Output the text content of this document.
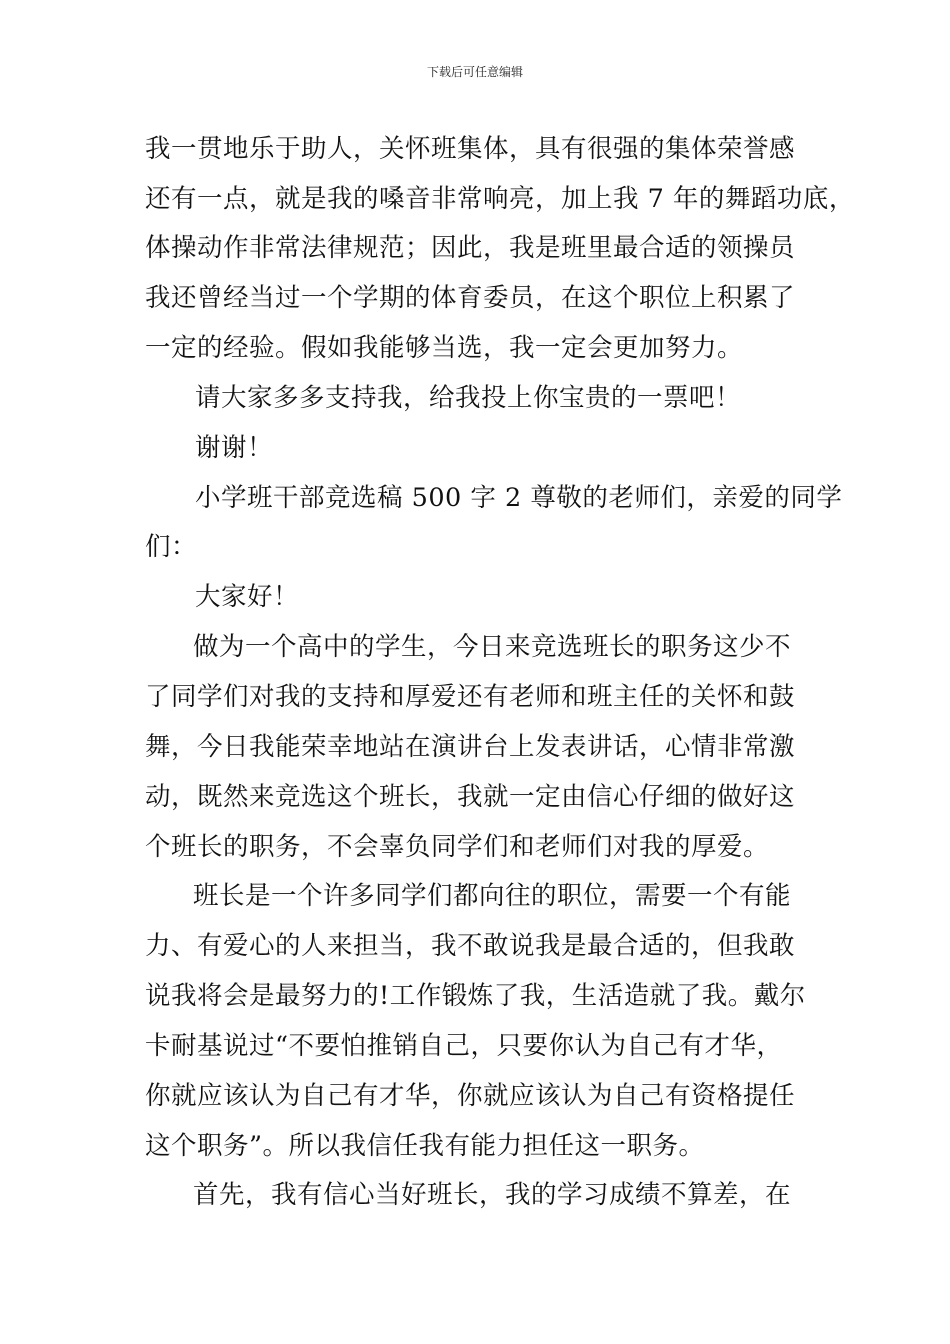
下载后可任意编辑
我一贯地乐于助人，关怀班集体，具有很强的集体荣誉感
还有一点，就是我的嗓音非常响亮，加上我 7 年的舞蹈功底，
体操动作非常法律规范；因此，我是班里最合适的领操员
我还曾经当过一个学期的体育委员，在这个职位上积累了
一定的经验。假如我能够当选，我一定会更加努力。
请大家多多支持我，给我投上你宝贵的一票吧！
谢谢！
小学班干部竞选稿 500 字 2 尊敬的老师们，亲爱的同学
们：
大家好！
做为一个高中的学生，今日来竞选班长的职务这少不
了同学们对我的支持和厚爱还有老师和班主任的关怀和鼓
舞，今日我能荣幸地站在演讲台上发表讲话，心情非常激
动，既然来竞选这个班长，我就一定由信心仔细的做好这
个班长的职务，不会辜负同学们和老师们对我的厚爱。
班长是一个许多同学们都向往的职位，需要一个有能
力、有爱心的人来担当，我不敢说我是最合适的，但我敢
说我将会是最努力的!工作锻炼了我，生活造就了我。戴尔
卡耐基说过“不要怕推销自己，只要你认为自己有才华，
你就应该认为自己有才华，你就应该认为自己有资格提任
这个职务”。所以我信任我有能力担任这一职务。
首先，我有信心当好班长，我的学习成绩不算差，在
